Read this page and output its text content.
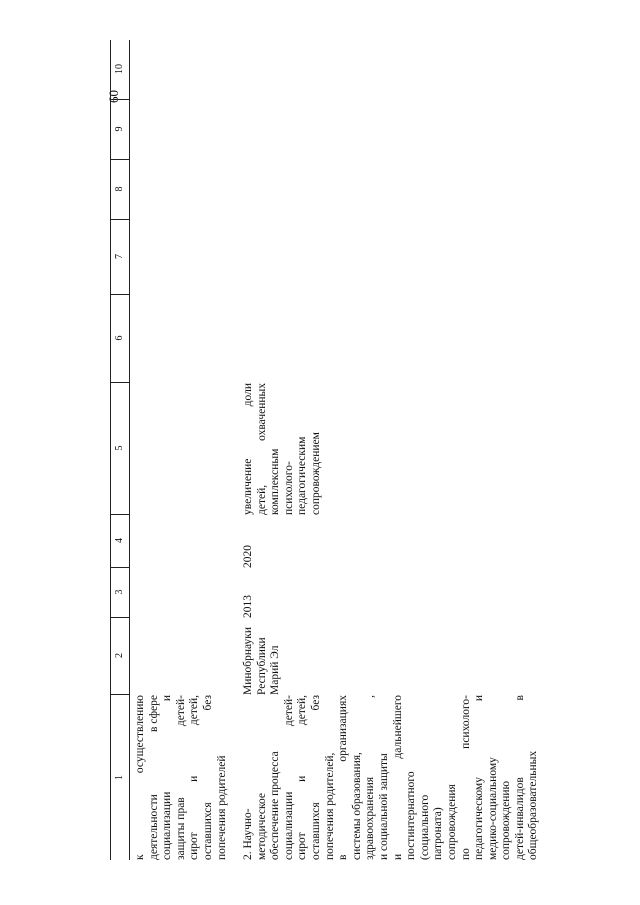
60
1
2
3
4
5
6
7
8
9
10
к
осуществлению
деятельности
в сфере
социализации
и
защиты прав
детей-
сирот
и
детей,
оставшихся
без
попечения родителей 2. Научно- методическое обеспечение процесса социализации
детей-
сирот
и
детей,
оставшихся
без
попечения родителей, в
организациях
системы образования, здравоохранения
,
и социальной защиты и
дальнейшего
постинтернатного (социального патроната) сопровождения по
психолого-
педагогическому
и
медико-социальному сопровождению детей-инвалидов
в
общеобразовательных
Минобрнауки Республики Марий Эл
2013
2020
увеличение
доли
детей,
охваченных
комплексным психолого- педагогическим сопровождением
